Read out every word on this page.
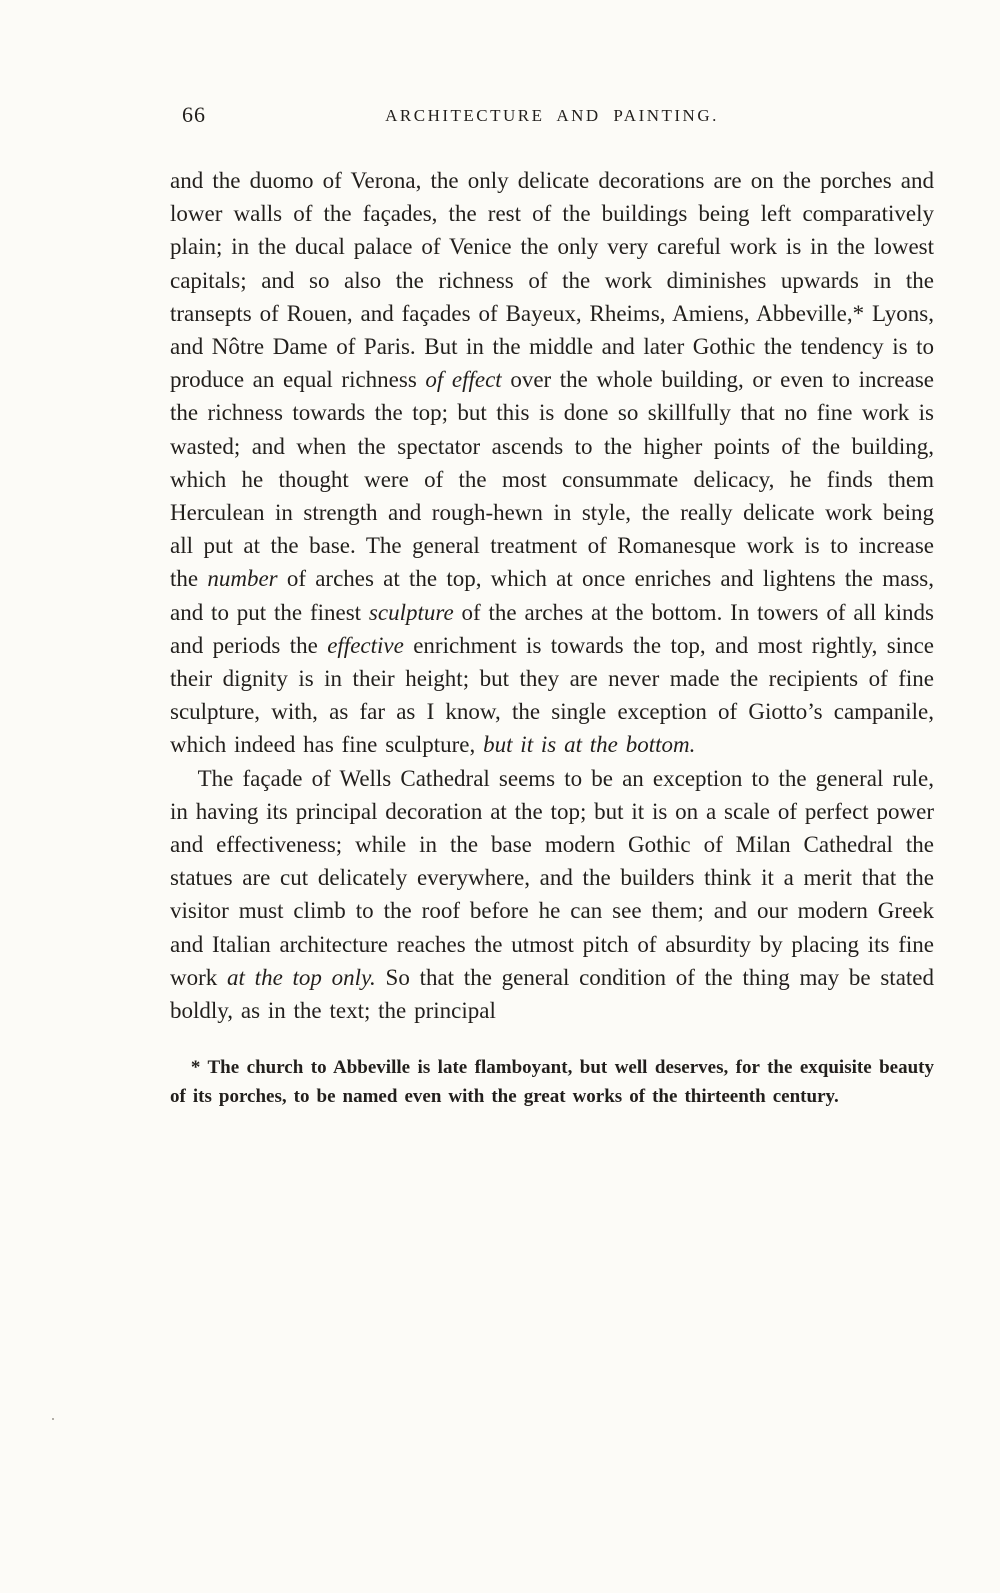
66	ARCHITECTURE AND PAINTING.

and the duomo of Verona, the only delicate decorations are on the porches and lower walls of the façades, the rest of the buildings being left comparatively plain; in the ducal palace of Venice the only very careful work is in the lowest capitals; and so also the richness of the work diminishes upwards in the transepts of Rouen, and façades of Bayeux, Rheims, Amiens, Abbeville,* Lyons, and Nôtre Dame of Paris. But in the middle and later Gothic the tendency is to produce an equal richness of effect over the whole building, or even to increase the richness towards the top; but this is done so skillfully that no fine work is wasted; and when the spectator ascends to the higher points of the building, which he thought were of the most consummate delicacy, he finds them Herculean in strength and rough-hewn in style, the really delicate work being all put at the base. The general treatment of Romanesque work is to increase the number of arches at the top, which at once enriches and lightens the mass, and to put the finest sculpture of the arches at the bottom. In towers of all kinds and periods the effective enrichment is towards the top, and most rightly, since their dignity is in their height; but they are never made the recipients of fine sculpture, with, as far as I know, the single exception of Giotto’s campanile, which indeed has fine sculpture, but it is at the bottom.

The façade of Wells Cathedral seems to be an exception to the general rule, in having its principal decoration at the top; but it is on a scale of perfect power and effectiveness; while in the base modern Gothic of Milan Cathedral the statues are cut delicately everywhere, and the builders think it a merit that the visitor must climb to the roof before he can see them; and our modern Greek and Italian architecture reaches the utmost pitch of absurdity by placing its fine work at the top only. So that the general condition of the thing may be stated boldly, as in the text; the principal

* The church to Abbeville is late flamboyant, but well deserves, for the exquisite beauty of its porches, to be named even with the great works of the thirteenth century.
